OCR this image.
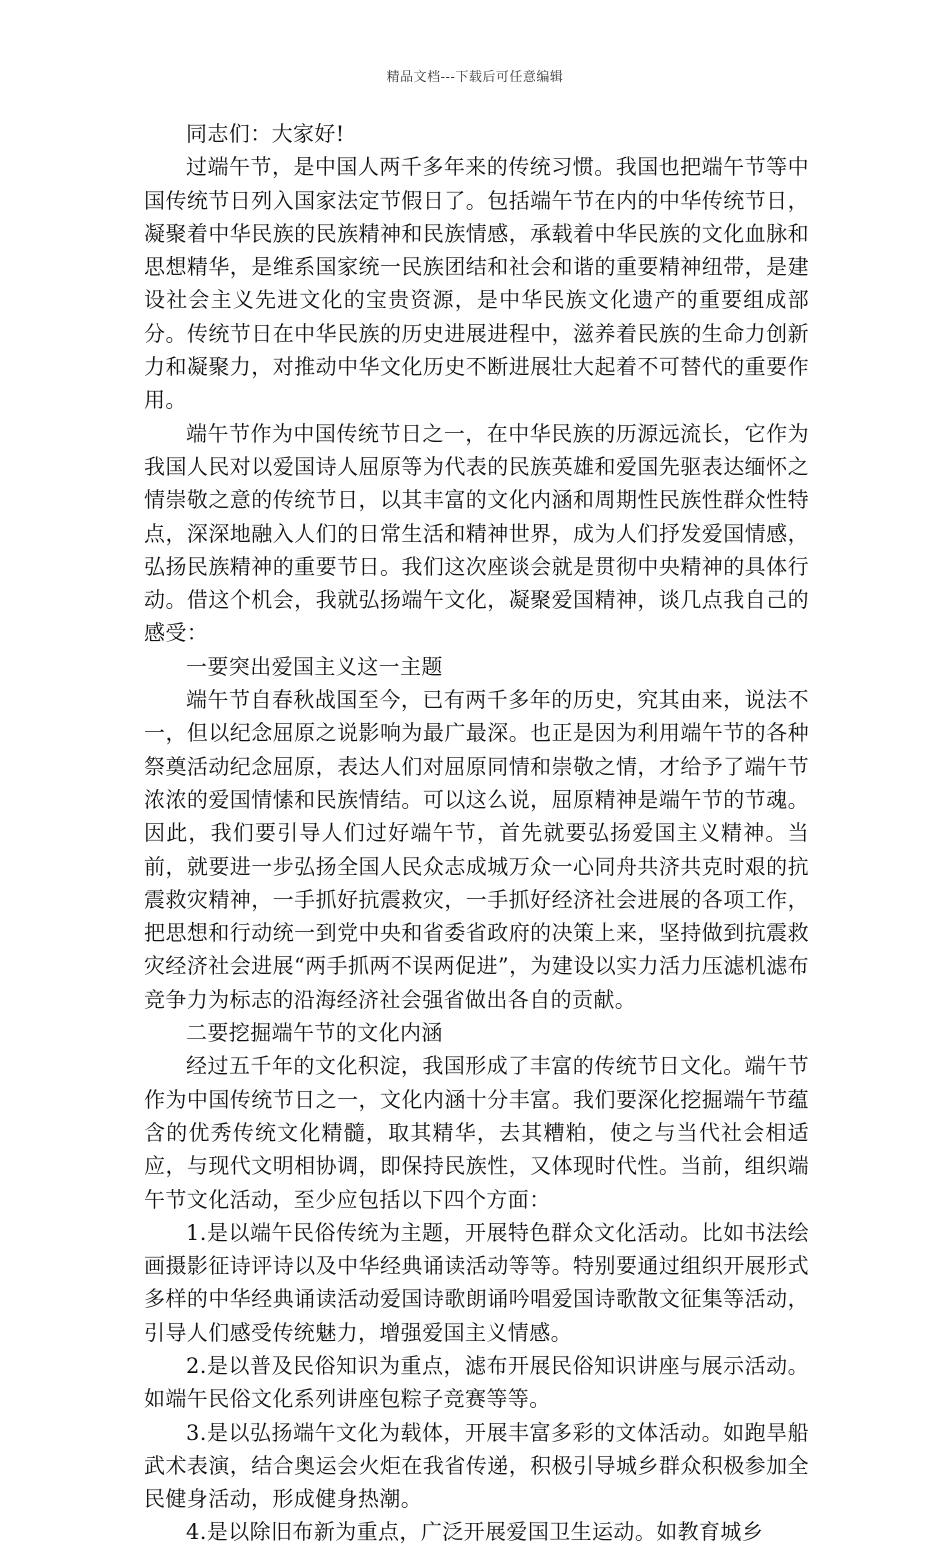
精品文档---下载后可任意编辑

同志们：大家好!

过端午节，是中国人两千多年来的传统习惯。我国也把端午节等中国传统节日列入国家法定节假日了。包括端午节在内的中华传统节日，凝聚着中华民族的民族精神和民族情感，承载着中华民族的文化血脉和思想精华，是维系国家统一民族团结和社会和谐的重要精神纽带，是建设社会主义先进文化的宝贵资源，是中华民族文化遗产的重要组成部分。传统节日在中华民族的历史进展进程中，滋养着民族的生命力创新力和凝聚力，对推动中华文化历史不断进展壮大起着不可替代的重要作用。

端午节作为中国传统节日之一，在中华民族的历源远流长，它作为我国人民对以爱国诗人屈原等为代表的民族英雄和爱国先驱表达缅怀之情崇敬之意的传统节日，以其丰富的文化内涵和周期性民族性群众性特点，深深地融入人们的日常生活和精神世界，成为人们抒发爱国情感，弘扬民族精神的重要节日。我们这次座谈会就是贯彻中央精神的具体行动。借这个机会，我就弘扬端午文化，凝聚爱国精神，谈几点我自己的感受：

一要突出爱国主义这一主题

端午节自春秋战国至今，已有两千多年的历史，究其由来，说法不一，但以纪念屈原之说影响为最广最深。也正是因为利用端午节的各种祭奠活动纪念屈原，表达人们对屈原同情和崇敬之情，才给予了端午节浓浓的爱国情愫和民族情结。可以这么说，屈原精神是端午节的节魂。因此，我们要引导人们过好端午节，首先就要弘扬爱国主义精神。当前，就要进一步弘扬全国人民众志成城万众一心同舟共济共克时艰的抗震救灾精神，一手抓好抗震救灾，一手抓好经济社会进展的各项工作，把思想和行动统一到党中央和省委省政府的决策上来，坚持做到抗震救灾经济社会进展“两手抓两不误两促进”，为建设以实力活力压滤机滤布竞争力为标志的沿海经济社会强省做出各自的贡献。

二要挖掘端午节的文化内涵

经过五千年的文化积淀，我国形成了丰富的传统节日文化。端午节作为中国传统节日之一，文化内涵十分丰富。我们要深化挖掘端午节蕴含的优秀传统文化精髓，取其精华，去其糟粕，使之与当代社会相适应，与现代文明相协调，即保持民族性，又体现时代性。当前，组织端午节文化活动，至少应包括以下四个方面：

1.是以端午民俗传统为主题，开展特色群众文化活动。比如书法绘画摄影征诗评诗以及中华经典诵读活动等等。特别要通过组织开展形式多样的中华经典诵读活动爱国诗歌朗诵吟唱爱国诗歌散文征集等活动，引导人们感受传统魅力，增强爱国主义情感。

2.是以普及民俗知识为重点，滤布开展民俗知识讲座与展示活动。如端午民俗文化系列讲座包粽子竞赛等等。

3.是以弘扬端午文化为载体，开展丰富多彩的文体活动。如跑旱船武术表演，结合奥运会火炬在我省传递，积极引导城乡群众积极参加全民健身活动，形成健身热潮。

4.是以除旧布新为重点，广泛开展爱国卫生运动。如教育城乡
